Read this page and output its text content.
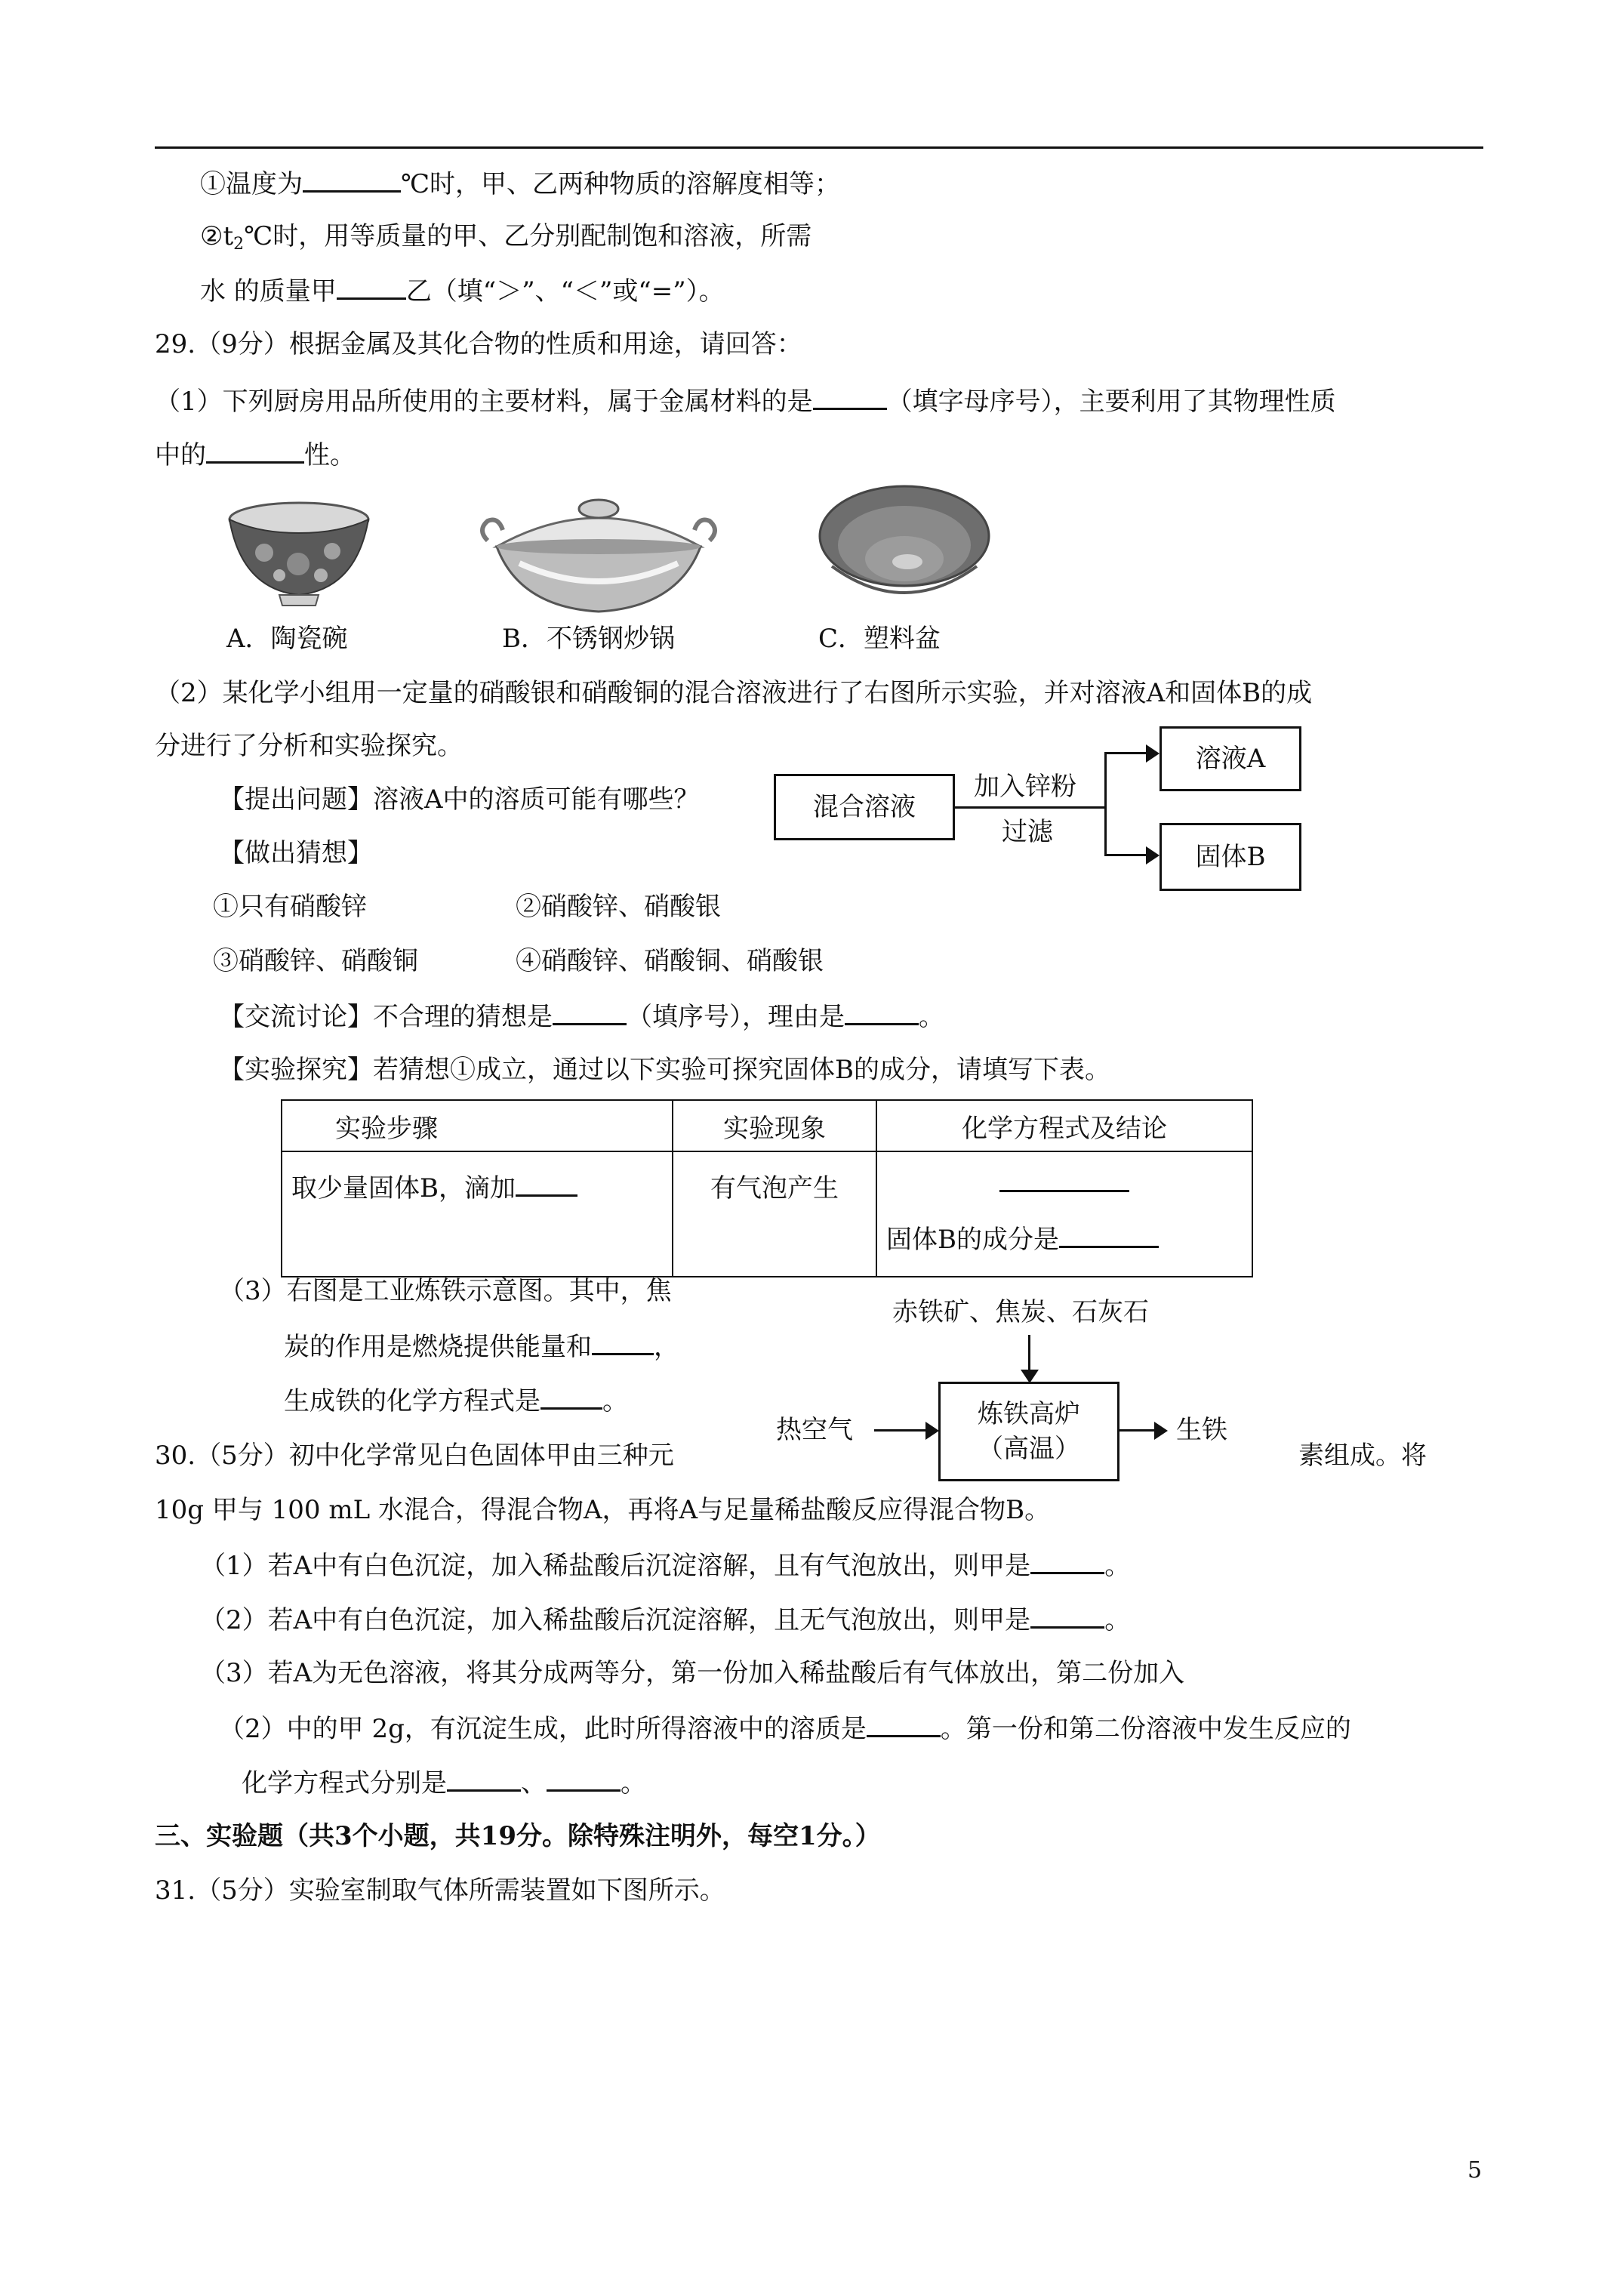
①温度为	℃时，甲、乙两种物质的溶解度相等；
$②t_2℃$时，用等质量的甲、乙分别配制饱和溶液，所需
水 的质量甲	乙（填“＞”、“＜”或“=”）。
29.（9分）根据金属及其化合物的性质和用途，请回答：
（1）下列厨房用品所使用的主要材料，属于金属材料的是	（填字母序号），主要利用了其物理性质
中的	性。
A．陶瓷碗	B．不锈钢炒锅	C．塑料盆
（2）某化学小组用一定量的硝酸银和硝酸铜的混合溶液进行了右图所示实验，并对溶液A和固体B的成
分进行了分析和实验探究。
【提出问题】溶液A中的溶质可能有哪些？
【做出猜想】
①只有硝酸锌	②硝酸锌、硝酸银
③硝酸锌、硝酸铜	④硝酸锌、硝酸铜、硝酸银
【交流讨论】不合理的猜想是	（填序号），理由是	。
【实验探究】若猜想①成立，通过以下实验可探究固体B的成分，请填写下表。
混合溶液
加入锌粉
过滤
溶液A
固体B
实验步骤	实验现象	化学方程式及结论
取少量固体B，滴加	有气泡产生	固体B的成分是
（3）右图是工业炼铁示意图。其中，焦
炭的作用是燃烧提供能量和 ，
生成铁的化学方程式是 。
赤铁矿、焦炭、石灰石
炼铁高炉
（高温）
热空气	生铁
30.（5分）初中化学常见白色固体甲由三种元	素组成。将
10g 甲与 100 mL 水混合，得混合物A，再将A与足量稀盐酸反应得混合物B。
（1）若A中有白色沉淀，加入稀盐酸后沉淀溶解，且有气泡放出，则甲是	。
（2）若A中有白色沉淀，加入稀盐酸后沉淀溶解，且无气泡放出，则甲是	。
（3）若A为无色溶液，将其分成两等分，第一份加入稀盐酸后有气体放出，第二份加入
（2）中的甲 2g，有沉淀生成，此时所得溶液中的溶质是	。第一份和第二份溶液中发生反应的
化学方程式分别是	、	。
三、实验题（共3个小题，共19分。除特殊注明外，每空1分。）
31.（5分）实验室制取气体所需装置如下图所示。
5
